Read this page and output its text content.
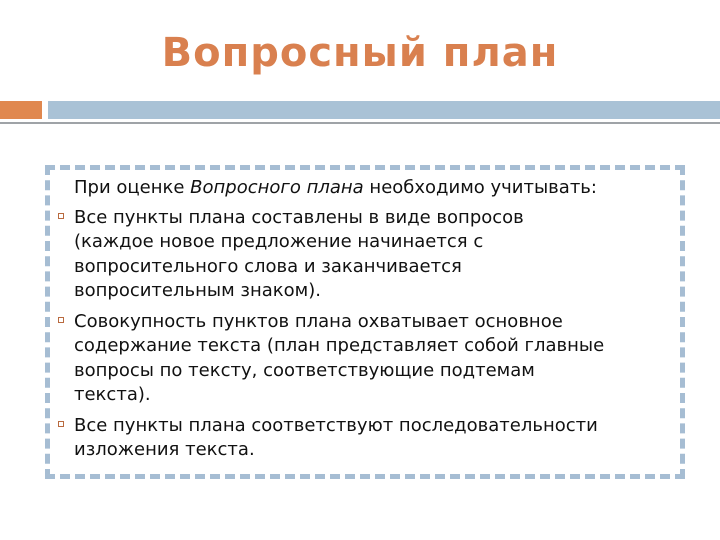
Вопросный план
При оценке Вопросного плана необходимо учитывать:
Все пункты плана составлены в виде вопросов
(каждое новое предложение начинается с
вопросительного слова и заканчивается
вопросительным знаком).
Совокупность пунктов плана охватывает основное
содержание текста (план представляет собой главные
вопросы по тексту, соответствующие подтемам
текста).
Все пункты плана соответствуют последовательности
изложения текста.
